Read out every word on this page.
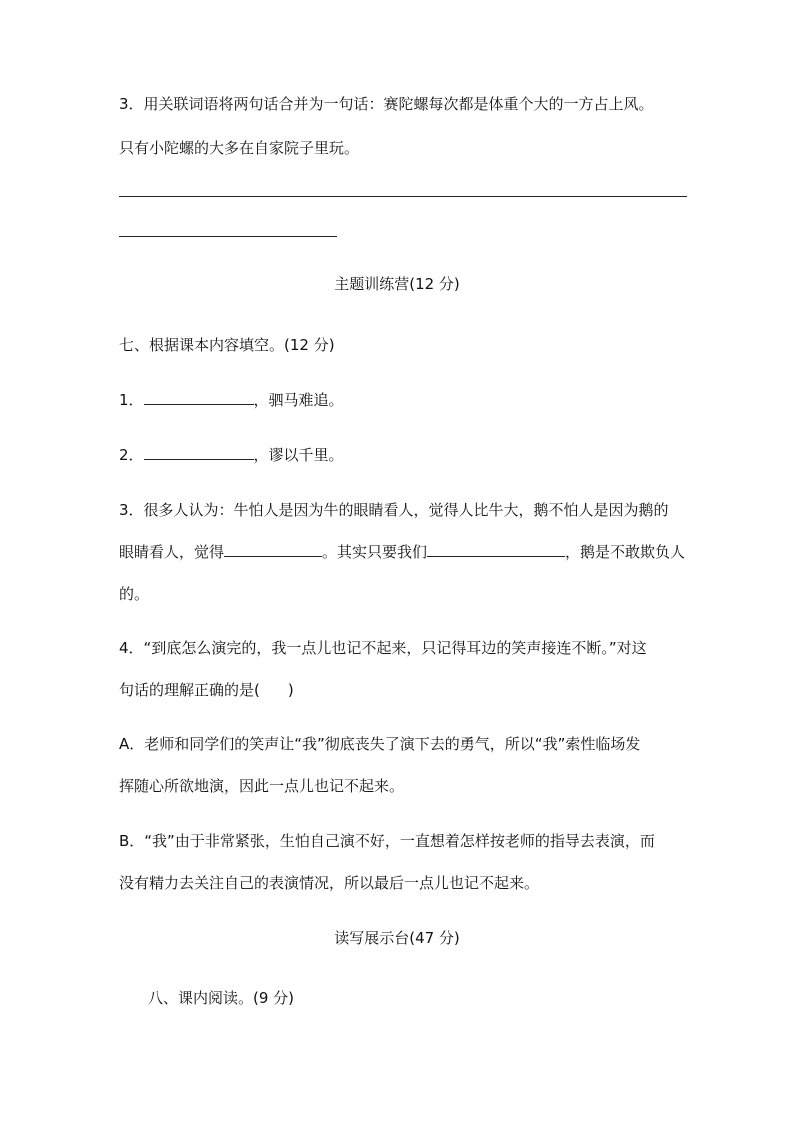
3．用关联词语将两句话合并为一句话：赛陀螺每次都是体重个大的一方占上风。
只有小陀螺的大多在自家院子里玩。
主题训练营(12 分)
七、根据课本内容填空。(12 分)
1．	，驷马难追。
2．	，谬以千里。
3．很多人认为：牛怕人是因为牛的眼睛看人，觉得人比牛大，鹅不怕人是因为鹅的
眼睛看人，觉得	。其实只要我们	，鹅是不敢欺负人
的。
4．“到底怎么演完的，我一点儿也记不起来，只记得耳边的笑声接连不断。”对这
句话的理解正确的是( )
A．老师和同学们的笑声让“我”彻底丧失了演下去的勇气，所以“我”索性临场发
挥随心所欲地演，因此一点儿也记不起来。
B．“我”由于非常紧张，生怕自己演不好，一直想着怎样按老师的指导去表演，而
没有精力去关注自己的表演情况，所以最后一点儿也记不起来。
读写展示台(47 分)
八、课内阅读。(9 分)
